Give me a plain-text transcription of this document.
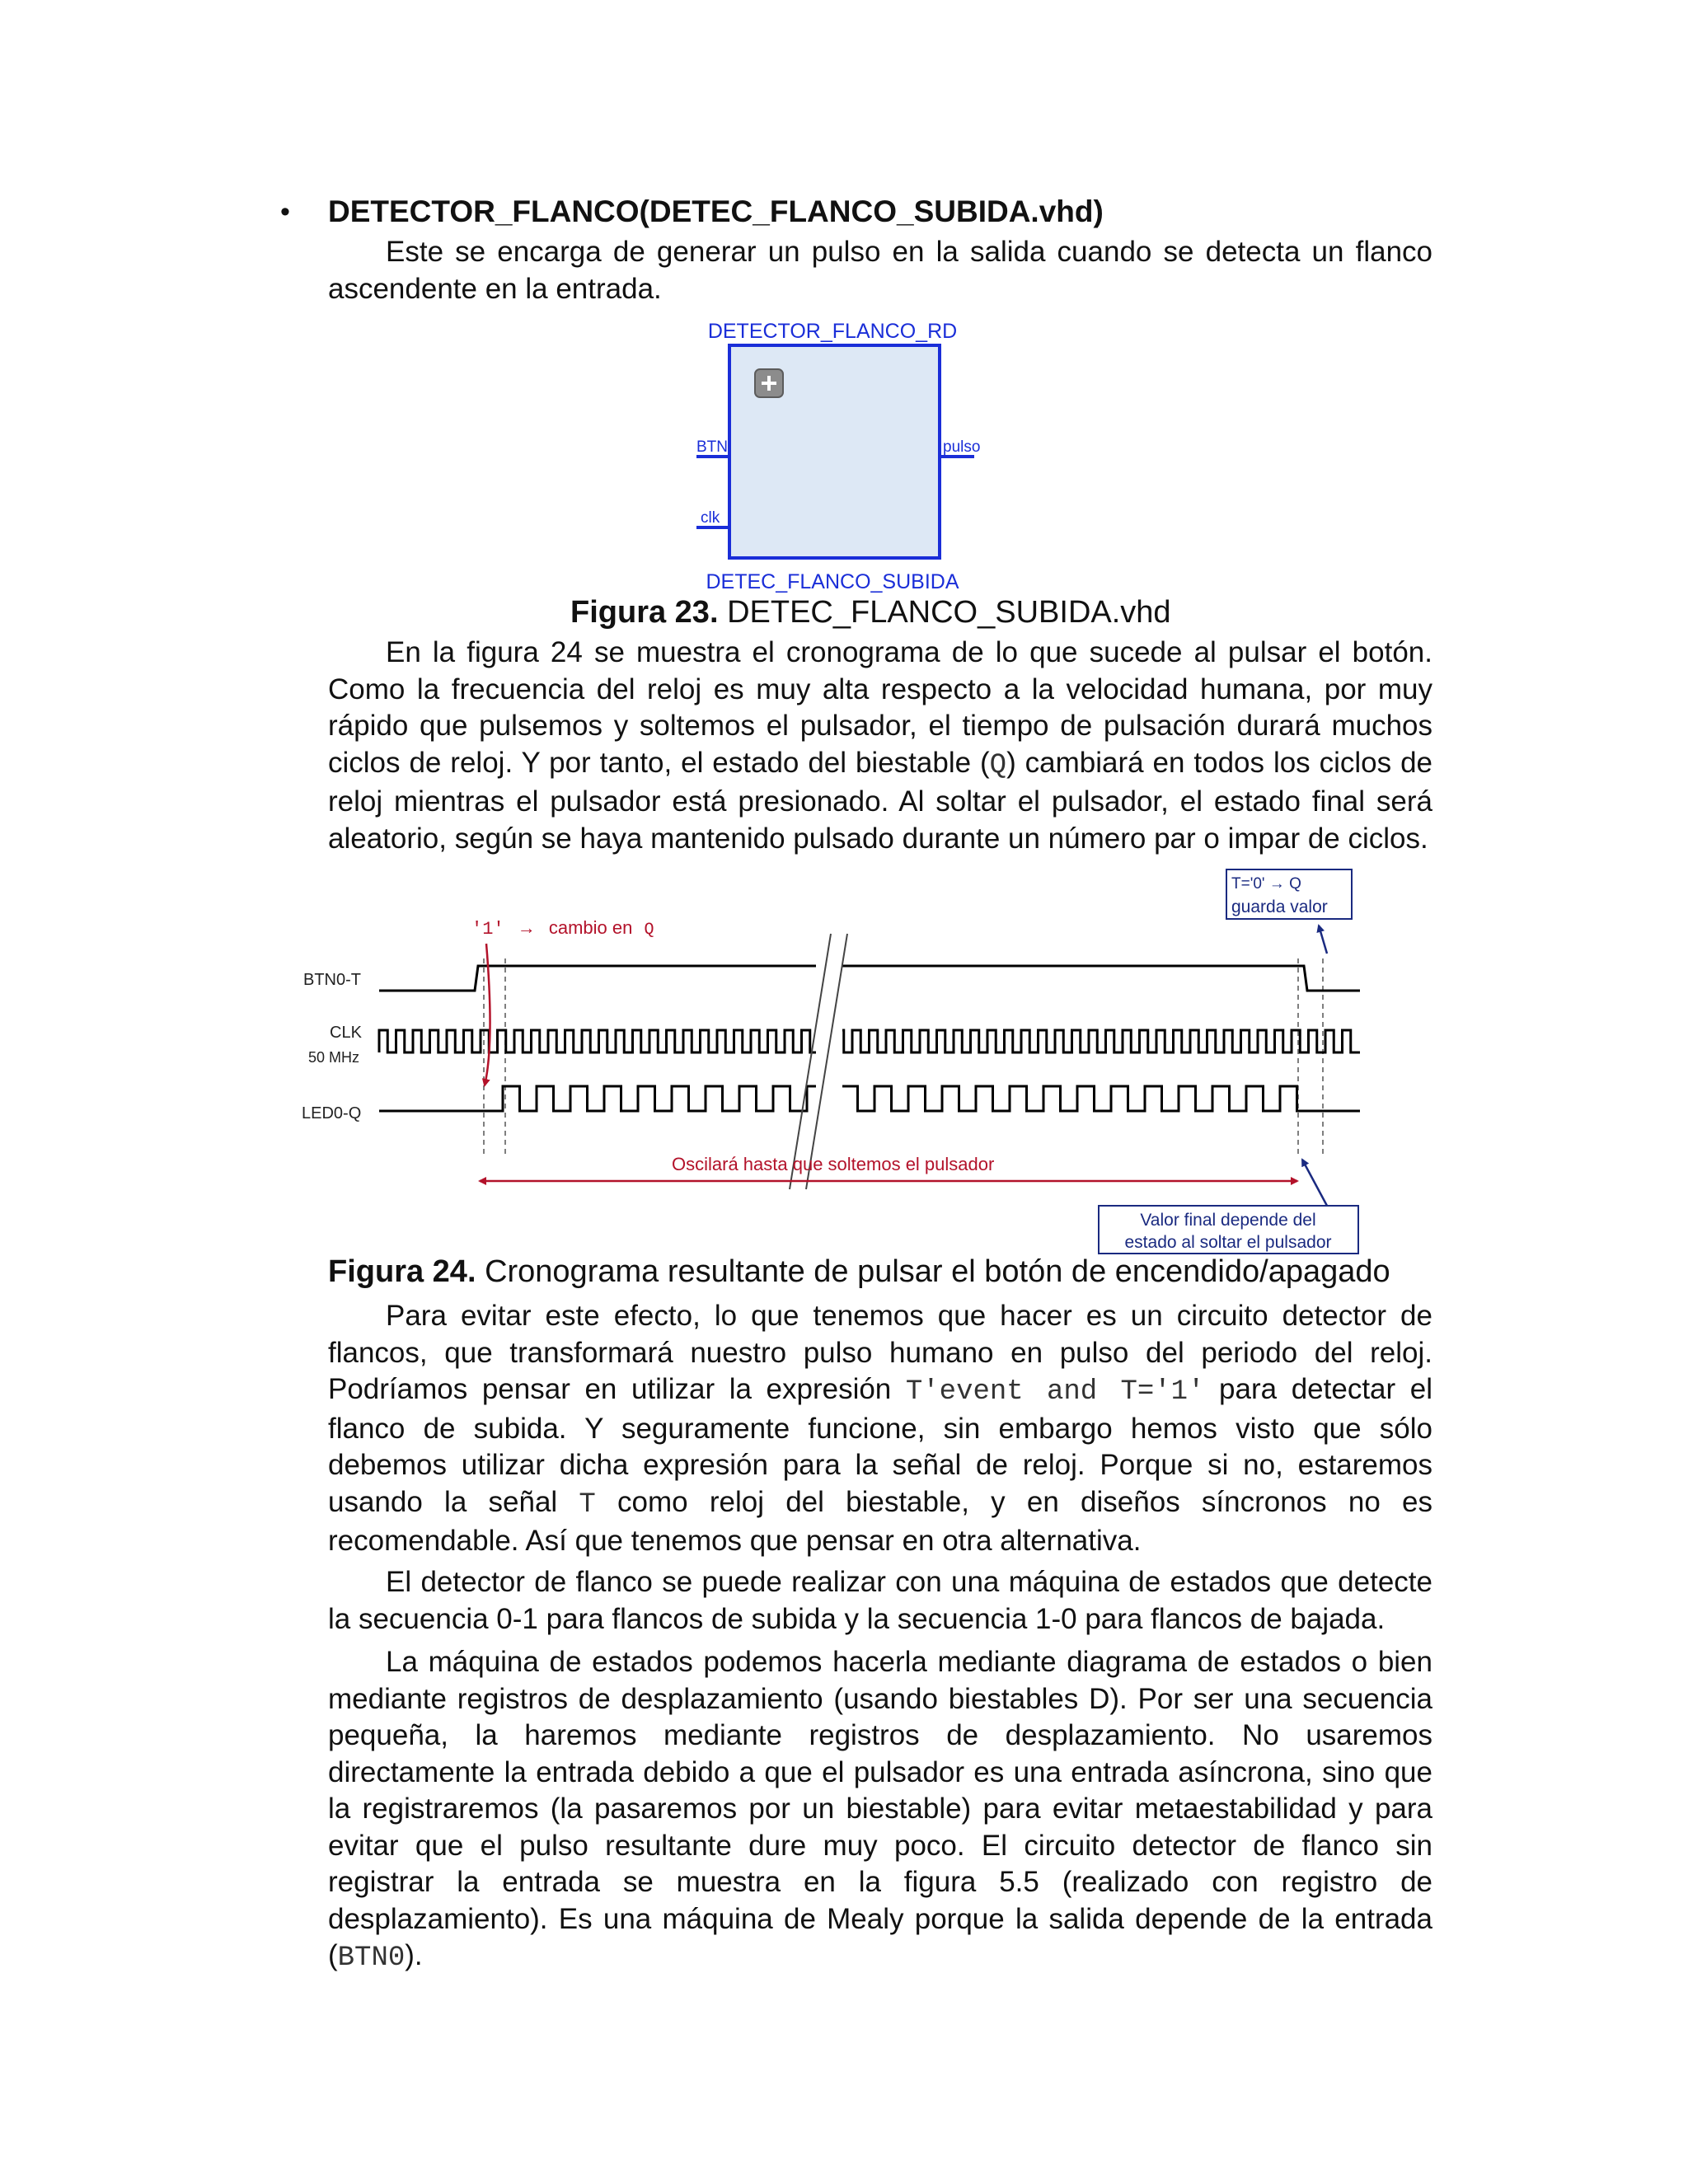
• DETECTOR_FLANCO(DETEC_FLANCO_SUBIDA.vhd)

Este se encarga de generar un pulso en la salida cuando se detecta un flanco ascendente en la entrada.

DETECTOR_FLANCO_RD
BTN
clk
pulso
DETEC_FLANCO_SUBIDA
Figura 23. DETEC_FLANCO_SUBIDA.vhd

En la figura 24 se muestra el cronograma de lo que sucede al pulsar el botón. Como la frecuencia del reloj es muy alta respecto a la velocidad humana, por muy rápido que pulsemos y soltemos el pulsador, el tiempo de pulsación durará muchos ciclos de reloj. Y por tanto, el estado del biestable (Q) cambiará en todos los ciclos de reloj mientras el pulsador está presionado. Al soltar el pulsador, el estado final será aleatorio, según se haya mantenido pulsado durante un número par o impar de ciclos.

BTN0-T
CLK
50 MHz
LED0-Q
'1' → cambio en Q
T='0' → Q
guarda valor
Oscilará hasta que soltemos el pulsador
Valor final depende del
estado al soltar el pulsador
Figura 24. Cronograma resultante de pulsar el botón de encendido/apagado

Para evitar este efecto, lo que tenemos que hacer es un circuito detector de flancos, que transformará nuestro pulso humano en pulso del periodo del reloj. Podríamos pensar en utilizar la expresión T'event and T='1' para detectar el flanco de subida. Y seguramente funcione, sin embargo hemos visto que sólo debemos utilizar dicha expresión para la señal de reloj. Porque si no, estaremos usando la señal T como reloj del biestable, y en diseños síncronos no es recomendable. Así que tenemos que pensar en otra alternativa.

El detector de flanco se puede realizar con una máquina de estados que detecte la secuencia 0-1 para flancos de subida y la secuencia 1-0 para flancos de bajada.

La máquina de estados podemos hacerla mediante diagrama de estados o bien mediante registros de desplazamiento (usando biestables D). Por ser una secuencia pequeña, la haremos mediante registros de desplazamiento. No usaremos directamente la entrada debido a que el pulsador es una entrada asíncrona, sino que la registraremos (la pasaremos por un biestable) para evitar metaestabilidad y para evitar que el pulso resultante dure muy poco. El circuito detector de flanco sin registrar la entrada se muestra en la figura 5.5 (realizado con registro de desplazamiento). Es una máquina de Mealy porque la salida depende de la entrada (BTN0).
